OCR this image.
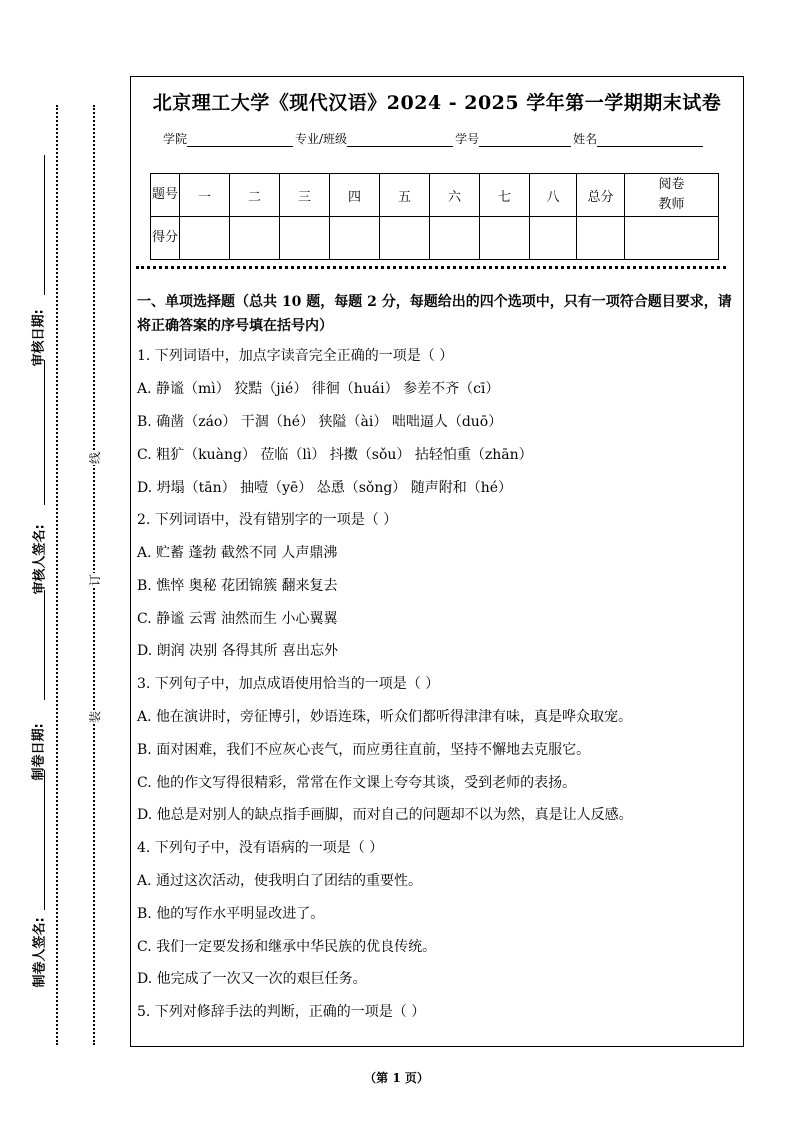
审核日期:
审核人签名:
制卷日期:
制卷人签名:
线
订
装
北京理工大学《现代汉语》2024 - 2025 学年第一学期期末试卷
学院	专业/班级	学号	姓名
题号	一	二	三	四	五	六	七	八	总分	阅卷教师
得分										
一、单项选择题（总共 10 题，每题 2 分，每题给出的四个选项中，只有一项符合题目要求，请将正确答案的序号填在括号内）
1. 下列词语中，加点字读音完全正确的一项是（ ）
A. 静谧（mì） 狡黠（jié） 徘徊（huái） 参差不齐（cī）
B. 确凿（záo） 干涸（hé） 狭隘（ài） 咄咄逼人（duō）
C. 粗犷（kuàng） 莅临（lì） 抖擞（sǒu） 拈轻怕重（zhān）
D. 坍塌（tān） 抽噎（yē） 怂恿（sǒng） 随声附和（hé）
2. 下列词语中，没有错别字的一项是（ ）
A. 贮蓄 蓬勃 截然不同 人声鼎沸
B. 憔悴 奥秘 花团锦簇 翻来复去
C. 静谧 云霄 油然而生 小心翼翼
D. 朗润 决别 各得其所 喜出忘外
3. 下列句子中，加点成语使用恰当的一项是（ ）
A. 他在演讲时，旁征博引，妙语连珠，听众们都听得津津有味，真是哗众取宠。
B. 面对困难，我们不应灰心丧气，而应勇往直前，坚持不懈地去克服它。
C. 他的作文写得很精彩，常常在作文课上夸夸其谈，受到老师的表扬。
D. 他总是对别人的缺点指手画脚，而对自己的问题却不以为然，真是让人反感。
4. 下列句子中，没有语病的一项是（ ）
A. 通过这次活动，使我明白了团结的重要性。
B. 他的写作水平明显改进了。
C. 我们一定要发扬和继承中华民族的优良传统。
D. 他完成了一次又一次的艰巨任务。
5. 下列对修辞手法的判断，正确的一项是（ ）
（第 1 页）
